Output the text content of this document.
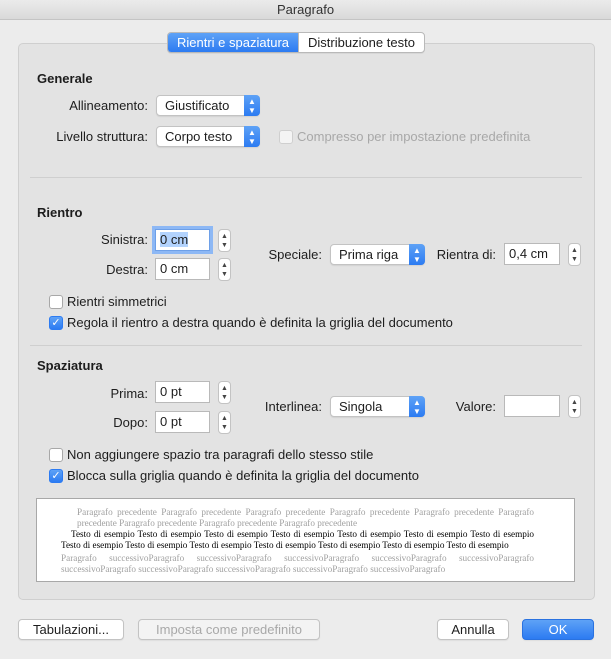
Paragrafo
Rientri e spaziatura	Distribuzione testo
Generale
Allineamento:	Giustificato	▲
▼
Livello struttura:	Corpo testo	▲
▼	Compresso per impostazione predefinita
Rientro
Sinistra: 0 cm	▲
▼
Destra: 0 cm	▲
▼
Speciale:	Prima riga	▲
▼	Rientra di:	0,4 cm	▲
▼
Rientri simmetrici
✓ Regola il rientro a destra quando è definita la griglia del documento
Spaziatura
Prima: 0 pt	▲
▼
Dopo: 0 pt	▲
▼
Interlinea:	Singola	▲
▼	Valore:	▲
▼
Non aggiungere spazio tra paragrafi dello stesso stile
✓ Blocca sulla griglia quando è definita la griglia del documento
Paragrafo precedente Paragrafo precedente Paragrafo precedente Paragrafo precedente Paragrafo precedente Paragrafo precedente Paragrafo precedente Paragrafo precedente Paragrafo precedente
Testo di esempio Testo di esempio Testo di esempio Testo di esempio Testo di esempio Testo di esempio Testo di esempio Testo di esempio Testo di esempio Testo di esempio Testo di esempio Testo di esempio Testo di esempio Testo di esempio
Paragrafo successivoParagrafo successivoParagrafo successivoParagrafo successivoParagrafo successivoParagrafo successivoParagrafo successivoParagrafo successivoParagrafo successivoParagrafo successivoParagrafo
Tabulazioni...	Imposta come predefinito	Annulla	OK
